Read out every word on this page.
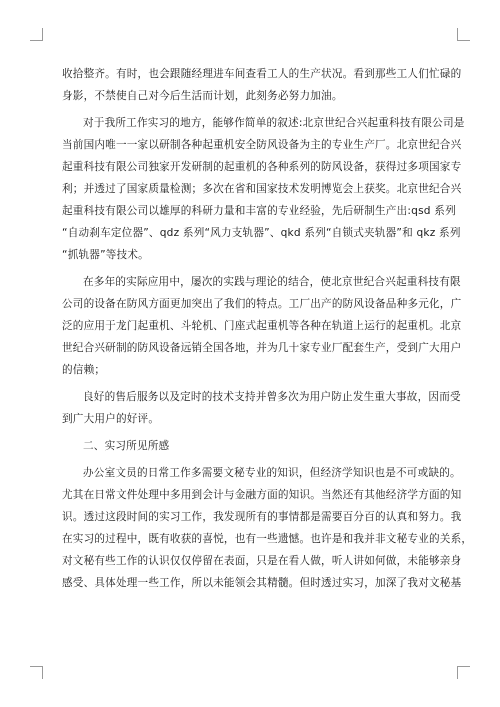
收拾整齐。有时，也会跟随经理进车间查看工人的生产状况。看到那些工人们忙碌的
身影，不禁使自己对今后生活而计划，此刻务必努力加油。
对于我所工作实习的地方，能够作简单的叙述:北京世纪合兴起重科技有限公司是
当前国内唯一一家以研制各种起重机安全防风设备为主的专业生产厂。北京世纪合兴
起重科技有限公司独家开发研制的起重机的各种系列的防风设备，获得过多项国家专
利；并透过了国家质量检测；多次在省和国家技术发明博览会上获奖。北京世纪合兴
起重科技有限公司以雄厚的科研力量和丰富的专业经验，先后研制生产出:qsd 系列
“自动刹车定位器”、qdz 系列“风力支轨器”、qkd 系列“自锁式夹轨器”和 qkz 系列
“抓轨器”等技术。
在多年的实际应用中，屡次的实践与理论的结合，使北京世纪合兴起重科技有限
公司的设备在防风方面更加突出了我们的特点。工厂出产的防风设备品种多元化，广
泛的应用于龙门起重机、斗轮机、门座式起重机等各种在轨道上运行的起重机。北京
世纪合兴研制的防风设备远销全国各地，并为几十家专业厂配套生产，受到广大用户
的信赖；
良好的售后服务以及定时的技术支持并曾多次为用户防止发生重大事故，因而受
到广大用户的好评。
二、实习所见所感
办公室文员的日常工作多需要文秘专业的知识，但经济学知识也是不可或缺的。
尤其在日常文件处理中多用到会计与金融方面的知识。当然还有其他经济学方面的知
识。透过这段时间的实习工作，我发现所有的事情都是需要百分百的认真和努力。我
在实习的过程中，既有收获的喜悦，也有一些遗憾。也许是和我并非文秘专业的关系，
对文秘有些工作的认识仅仅停留在表面，只是在看人做，听人讲如何做，未能够亲身
感受、具体处理一些工作，所以未能领会其精髓。但时透过实习，加深了我对文秘基
